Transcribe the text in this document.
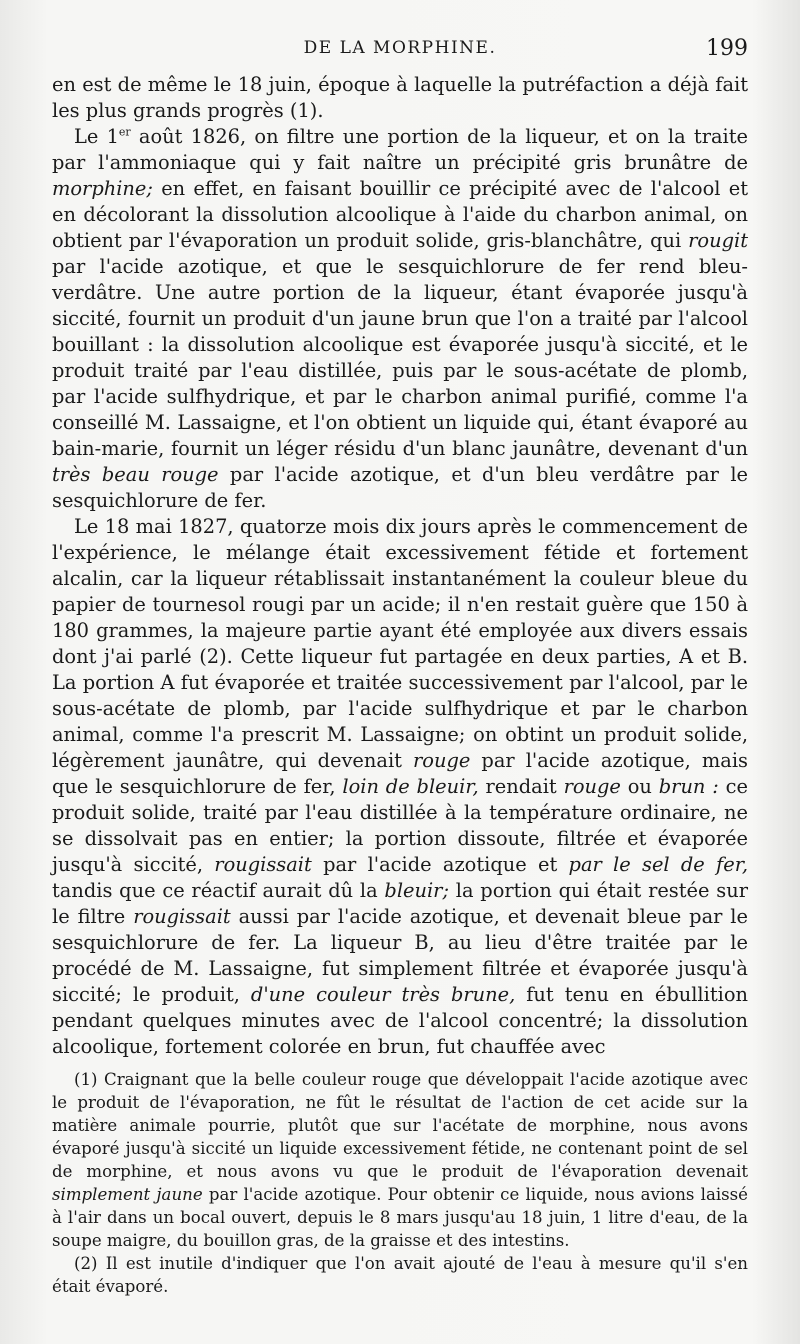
DE LA MORPHINE.	199

en est de même le 18 juin, époque à laquelle la putréfaction a déjà fait les plus grands progrès (1).

Le 1er août 1826, on filtre une portion de la liqueur, et on la traite par l'ammoniaque qui y fait naître un précipité gris brunâtre de morphine; en effet, en faisant bouillir ce précipité avec de l'alcool et en décolorant la dissolution alcoolique à l'aide du charbon animal, on obtient par l'évaporation un produit solide, gris-blanchâtre, qui rougit par l'acide azotique, et que le sesquichlorure de fer rend bleu-verdâtre. Une autre portion de la liqueur, étant évaporée jusqu'à siccité, fournit un produit d'un jaune brun que l'on a traité par l'alcool bouillant : la dissolution alcoolique est évaporée jusqu'à siccité, et le produit traité par l'eau distillée, puis par le sous-acétate de plomb, par l'acide sulfhydrique, et par le charbon animal purifié, comme l'a conseillé M. Lassaigne, et l'on obtient un liquide qui, étant évaporé au bain-marie, fournit un léger résidu d'un blanc jaunâtre, devenant d'un très beau rouge par l'acide azotique, et d'un bleu verdâtre par le sesquichlorure de fer.

Le 18 mai 1827, quatorze mois dix jours après le commencement de l'expérience, le mélange était excessivement fétide et fortement alcalin, car la liqueur rétablissait instantanément la couleur bleue du papier de tournesol rougi par un acide; il n'en restait guère que 150 à 180 grammes, la majeure partie ayant été employée aux divers essais dont j'ai parlé (2). Cette liqueur fut partagée en deux parties, A et B. La portion A fut évaporée et traitée successivement par l'alcool, par le sous-acétate de plomb, par l'acide sulfhydrique et par le charbon animal, comme l'a prescrit M. Lassaigne; on obtint un produit solide, légèrement jaunâtre, qui devenait rouge par l'acide azotique, mais que le sesquichlorure de fer, loin de bleuir, rendait rouge ou brun : ce produit solide, traité par l'eau distillée à la température ordinaire, ne se dissolvait pas en entier; la portion dissoute, filtrée et évaporée jusqu'à siccité, rougissait par l'acide azotique et par le sel de fer, tandis que ce réactif aurait dû la bleuir; la portion qui était restée sur le filtre rougissait aussi par l'acide azotique, et devenait bleue par le sesquichlorure de fer. La liqueur B, au lieu d'être traitée par le procédé de M. Lassaigne, fut simplement filtrée et évaporée jusqu'à siccité; le produit, d'une couleur très brune, fut tenu en ébullition pendant quelques minutes avec de l'alcool concentré; la dissolution alcoolique, fortement colorée en brun, fut chauffée avec

(1) Craignant que la belle couleur rouge que développait l'acide azotique avec le produit de l'évaporation, ne fût le résultat de l'action de cet acide sur la matière animale pourrie, plutôt que sur l'acétate de morphine, nous avons évaporé jusqu'à siccité un liquide excessivement fétide, ne contenant point de sel de morphine, et nous avons vu que le produit de l'évaporation devenait simplement jaune par l'acide azotique. Pour obtenir ce liquide, nous avions laissé à l'air dans un bocal ouvert, depuis le 8 mars jusqu'au 18 juin, 1 litre d'eau, de la soupe maigre, du bouillon gras, de la graisse et des intestins.

(2) Il est inutile d'indiquer que l'on avait ajouté de l'eau à mesure qu'il s'en était évaporé.
